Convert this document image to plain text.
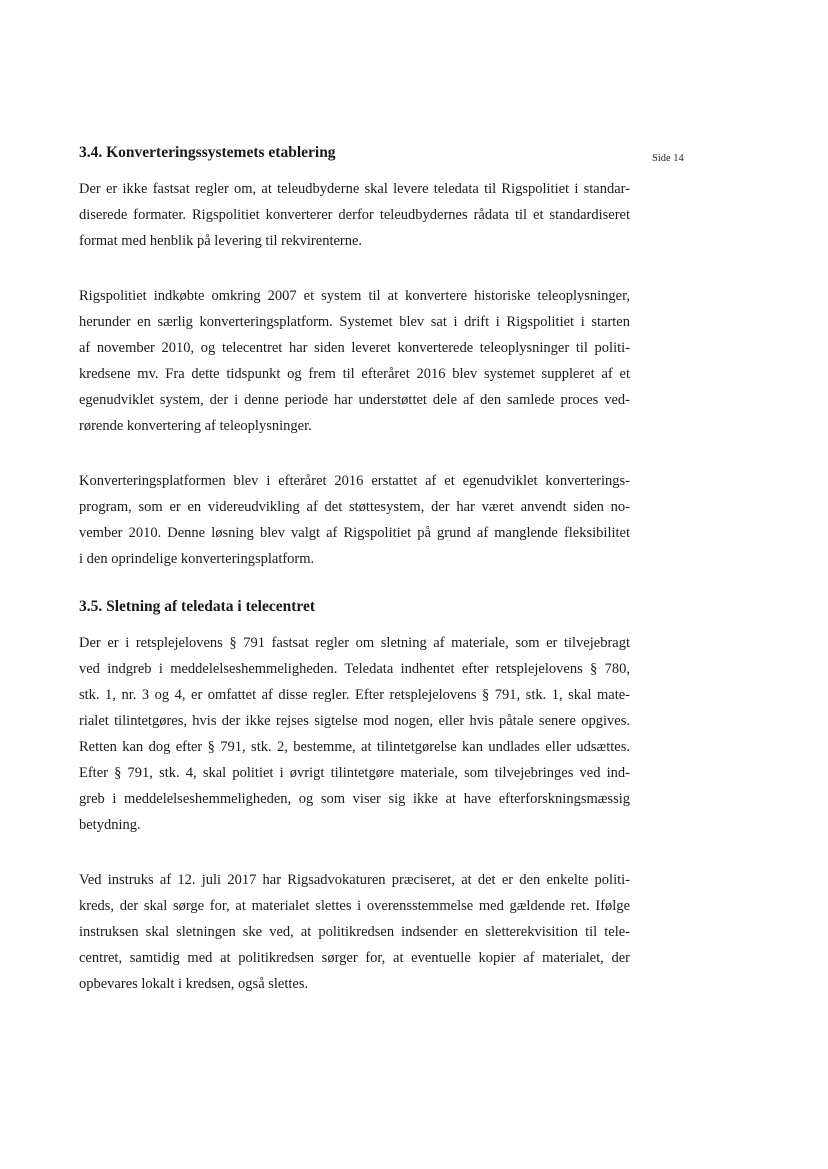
Side 14
3.4. Konverteringssystemets etablering

Der er ikke fastsat regler om, at teleudbyderne skal levere teledata til Rigspolitiet i standar-
diserede formater. Rigspolitiet konverterer derfor teleudbydernes rådata til et standardiseret
format med henblik på levering til rekvirenterne.

Rigspolitiet indkøbte omkring 2007 et system til at konvertere historiske teleoplysninger,
herunder en særlig konverteringsplatform. Systemet blev sat i drift i Rigspolitiet i starten
af november 2010, og telecentret har siden leveret konverterede teleoplysninger til politi-
kredsene mv. Fra dette tidspunkt og frem til efteråret 2016 blev systemet suppleret af et
egenudviklet system, der i denne periode har understøttet dele af den samlede proces ved-
rørende konvertering af teleoplysninger.

Konverteringsplatformen blev i efteråret 2016 erstattet af et egenudviklet konverterings-
program, som er en videreudvikling af det støttesystem, der har været anvendt siden no-
vember 2010. Denne løsning blev valgt af Rigspolitiet på grund af manglende fleksibilitet
i den oprindelige konverteringsplatform.

3.5. Sletning af teledata i telecentret

Der er i retsplejelovens § 791 fastsat regler om sletning af materiale, som er tilvejebragt
ved indgreb i meddelelseshemmeligheden. Teledata indhentet efter retsplejelovens § 780,
stk. 1, nr. 3 og 4, er omfattet af disse regler. Efter retsplejelovens § 791, stk. 1, skal mate-
rialet tilintetgøres, hvis der ikke rejses sigtelse mod nogen, eller hvis påtale senere opgives.
Retten kan dog efter § 791, stk. 2, bestemme, at tilintetgørelse kan undlades eller udsættes.
Efter § 791, stk. 4, skal politiet i øvrigt tilintetgøre materiale, som tilvejebringes ved ind-
greb i meddelelseshemmeligheden, og som viser sig ikke at have efterforskningsmæssig
betydning.

Ved instruks af 12. juli 2017 har Rigsadvokaturen præciseret, at det er den enkelte politi-
kreds, der skal sørge for, at materialet slettes i overensstemmelse med gældende ret. Ifølge
instruksen skal sletningen ske ved, at politikredsen indsender en sletterekvisition til tele-
centret, samtidig med at politikredsen sørger for, at eventuelle kopier af materialet, der
opbevares lokalt i kredsen, også slettes.
